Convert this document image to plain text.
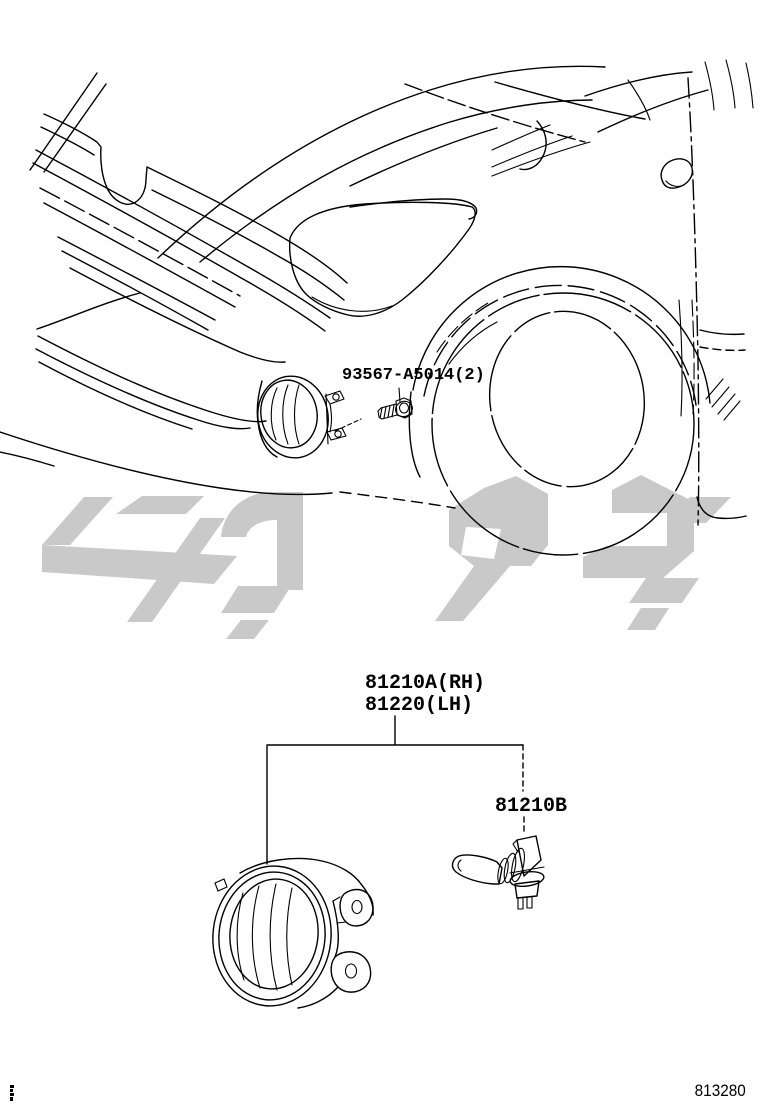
93567-A5014(2)
81210A(RH)
81220(LH)
81210B
813280
